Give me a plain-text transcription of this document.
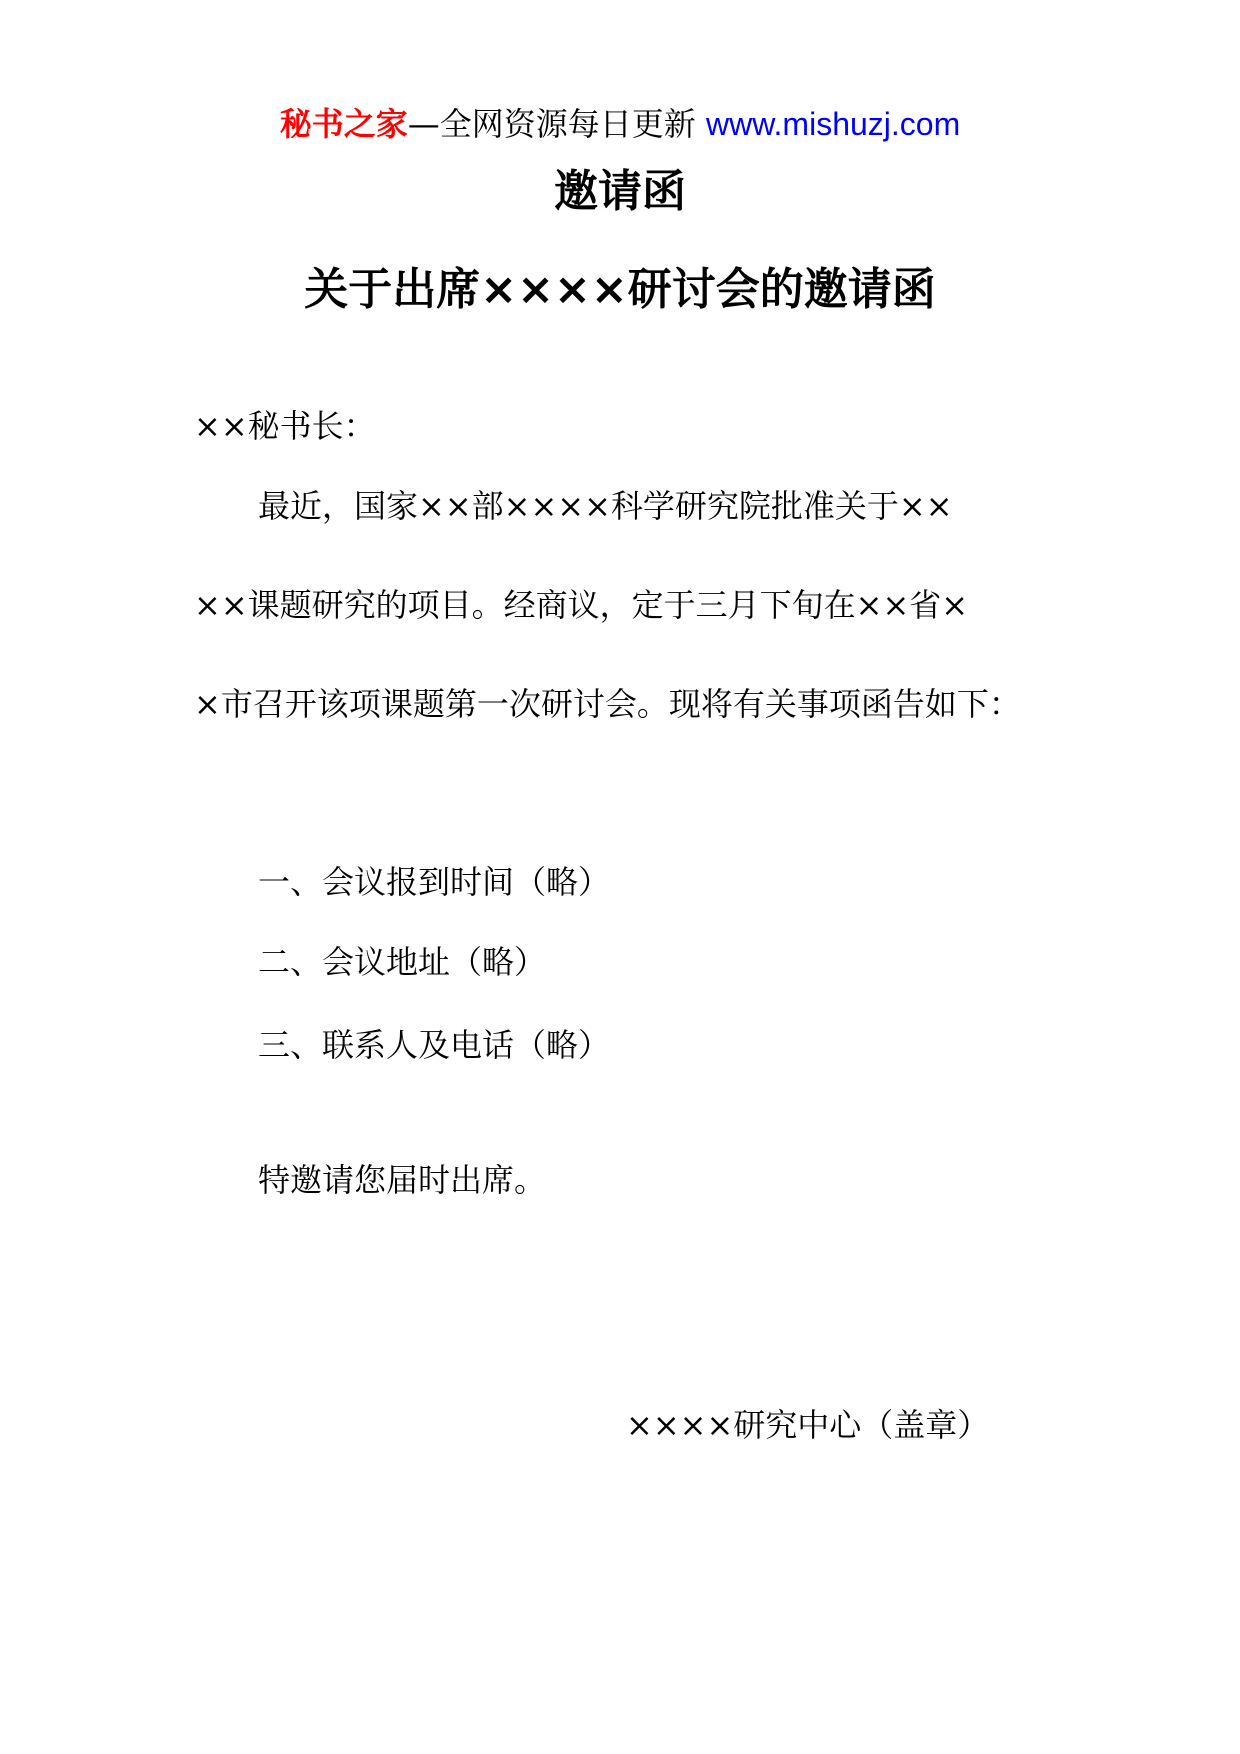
秘书之家—全网资源每日更新 www.mishuzj.com
邀请函
关于出席××××研讨会的邀请函
××秘书长：
最近，国家××部××××科学研究院批准关于××
××课题研究的项目。经商议，定于三月下旬在××省×
×市召开该项课题第一次研讨会。现将有关事项函告如下：
一、会议报到时间（略）
二、会议地址（略）
三、联系人及电话（略）
特邀请您届时出席。
××××研究中心（盖章）
